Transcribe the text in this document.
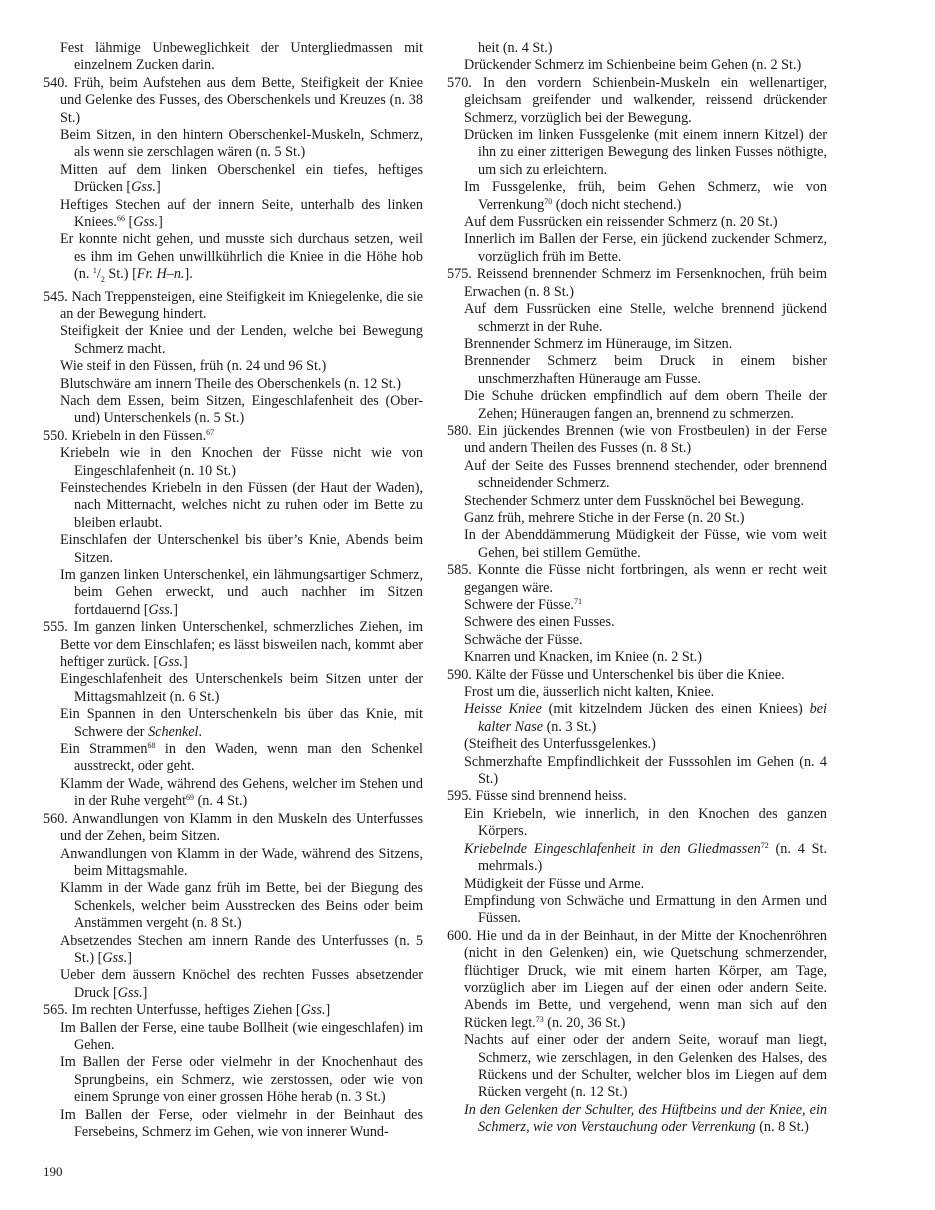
Fest lähmige Unbeweglichkeit der Untergliedmassen mit einzelnem Zucken darin.

540. Früh, beim Aufstehen aus dem Bette, Steifigkeit der Kniee und Gelenke des Fusses, des Oberschenkels und Kreuzes (n. 38 St.)

Beim Sitzen, in den hintern Oberschenkel-Muskeln, Schmerz, als wenn sie zerschlagen wären (n. 5 St.)

Mitten auf dem linken Oberschenkel ein tiefes, heftiges Drücken [Gss.]

Heftiges Stechen auf der innern Seite, unterhalb des linken Kniees.$^{66}$ [Gss.]

Er konnte nicht gehen, und musste sich durchaus setzen, weil es ihm im Gehen unwillkührlich die Kniee in die Höhe hob (n. $^1/_2$ St.) [Fr. H–n.].

545. Nach Treppensteigen, eine Steifigkeit im Kniegelenke, die sie an der Bewegung hindert.

Steifigkeit der Kniee und der Lenden, welche bei Bewegung Schmerz macht.

Wie steif in den Füssen, früh (n. 24 und 96 St.)

Blutschwäre am innern Theile des Oberschenkels (n. 12 St.)

Nach dem Essen, beim Sitzen, Eingeschlafenheit des (Ober- und) Unterschenkels (n. 5 St.)

550. Kriebeln in den Füssen.$^{67}$

Kriebeln wie in den Knochen der Füsse nicht wie von Eingeschlafenheit (n. 10 St.)

Feinstechendes Kriebeln in den Füssen (der Haut der Waden), nach Mitternacht, welches nicht zu ruhen oder im Bette zu bleiben erlaubt.

Einschlafen der Unterschenkel bis über’s Knie, Abends beim Sitzen.

Im ganzen linken Unterschenkel, ein lähmungsartiger Schmerz, beim Gehen erweckt, und auch nachher im Sitzen fortdauernd [Gss.]

555. Im ganzen linken Unterschenkel, schmerzliches Ziehen, im Bette vor dem Einschlafen; es lässt bisweilen nach, kommt aber heftiger zurück. [Gss.]

Eingeschlafenheit des Unterschenkels beim Sitzen unter der Mittagsmahlzeit (n. 6 St.)

Ein Spannen in den Unterschenkeln bis über das Knie, mit Schwere der Schenkel.

Ein Strammen$^{68}$ in den Waden, wenn man den Schenkel ausstreckt, oder geht.

Klamm der Wade, während des Gehens, welcher im Stehen und in der Ruhe vergeht$^{69}$ (n. 4 St.)

560. Anwandlungen von Klamm in den Muskeln des Unterfusses und der Zehen, beim Sitzen.

Anwandlungen von Klamm in der Wade, während des Sitzens, beim Mittagsmahle.

Klamm in der Wade ganz früh im Bette, bei der Biegung des Schenkels, welcher beim Ausstrecken des Beins oder beim Anstämmen vergeht (n. 8 St.)

Absetzendes Stechen am innern Rande des Unterfusses (n. 5 St.) [Gss.]

Ueber dem äussern Knöchel des rechten Fusses absetzender Druck [Gss.]

565. Im rechten Unterfusse, heftiges Ziehen [Gss.]

Im Ballen der Ferse, eine taube Bollheit (wie eingeschlafen) im Gehen.

Im Ballen der Ferse oder vielmehr in der Knochenhaut des Sprungbeins, ein Schmerz, wie zerstossen, oder wie von einem Sprunge von einer grossen Höhe herab (n. 3 St.)

Im Ballen der Ferse, oder vielmehr in der Beinhaut des Fersebeins, Schmerz im Gehen, wie von innerer Wund-

heit (n. 4 St.)

Drückender Schmerz im Schienbeine beim Gehen (n. 2 St.)

570. In den vordern Schienbein-Muskeln ein wellenartiger, gleichsam greifender und walkender, reissend drückender Schmerz, vorzüglich bei der Bewegung.

Drücken im linken Fussgelenke (mit einem innern Kitzel) der ihn zu einer zitterigen Bewegung des linken Fusses nöthigte, um sich zu erleichtern.

Im Fussgelenke, früh, beim Gehen Schmerz, wie von Verrenkung$^{70}$ (doch nicht stechend.)

Auf dem Fussrücken ein reissender Schmerz (n. 20 St.)

Innerlich im Ballen der Ferse, ein jückend zuckender Schmerz, vorzüglich früh im Bette.

575. Reissend brennender Schmerz im Fersenknochen, früh beim Erwachen (n. 8 St.)

Auf dem Fussrücken eine Stelle, welche brennend jückend schmerzt in der Ruhe.

Brennender Schmerz im Hünerauge, im Sitzen.

Brennender Schmerz beim Druck in einem bisher unschmerzhaften Hünerauge am Fusse.

Die Schuhe drücken empfindlich auf dem obern Theile der Zehen; Hüneraugen fangen an, brennend zu schmerzen.

580. Ein jückendes Brennen (wie von Frostbeulen) in der Ferse und andern Theilen des Fusses (n. 8 St.)

Auf der Seite des Fusses brennend stechender, oder brennend schneidender Schmerz.

Stechender Schmerz unter dem Fussknöchel bei Bewegung.

Ganz früh, mehrere Stiche in der Ferse (n. 20 St.)

In der Abenddämmerung Müdigkeit der Füsse, wie vom weit Gehen, bei stillem Gemüthe.

585. Konnte die Füsse nicht fortbringen, als wenn er recht weit gegangen wäre.

Schwere der Füsse.$^{71}$

Schwere des einen Fusses.

Schwäche der Füsse.

Knarren und Knacken, im Kniee (n. 2 St.)

590. Kälte der Füsse und Unterschenkel bis über die Kniee.

Frost um die, äusserlich nicht kalten, Kniee.

Heisse Kniee (mit kitzelndem Jücken des einen Kniees) bei kalter Nase (n. 3 St.)

(Steifheit des Unterfussgelenkes.)

Schmerzhafte Empfindlichkeit der Fusssohlen im Gehen (n. 4 St.)

595. Füsse sind brennend heiss.

Ein Kriebeln, wie innerlich, in den Knochen des ganzen Körpers.

Kriebelnde Eingeschlafenheit in den Gliedmassen$^{72}$ (n. 4 St. mehrmals.)

Müdigkeit der Füsse und Arme.

Empfindung von Schwäche und Ermattung in den Armen und Füssen.

600. Hie und da in der Beinhaut, in der Mitte der Knochenröhren (nicht in den Gelenken) ein, wie Quetschung schmerzender, flüchtiger Druck, wie mit einem harten Körper, am Tage, vorzüglich aber im Liegen auf der einen oder andern Seite. Abends im Bette, und vergehend, wenn man sich auf den Rücken legt.$^{73}$ (n. 20, 36 St.)

Nachts auf einer oder der andern Seite, worauf man liegt, Schmerz, wie zerschlagen, in den Gelenken des Halses, des Rückens und der Schulter, welcher blos im Liegen auf dem Rücken vergeht (n. 12 St.)

In den Gelenken der Schulter, des Hüftbeins und der Kniee, ein Schmerz, wie von Verstauchung oder Verrenkung (n. 8 St.)

190
